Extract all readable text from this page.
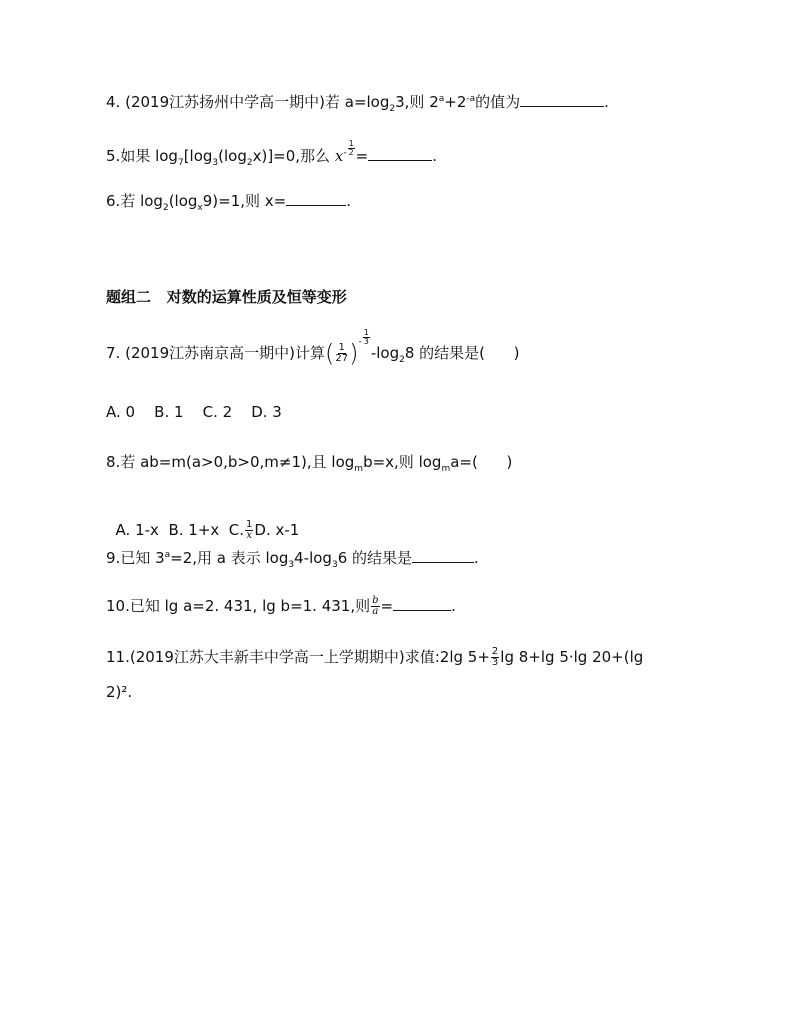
4. (2019江苏扬州中学高一期中)若 $a=\log_23$,则 $2^a+2^{-a}$的值为	.
5.如果 $\log_7[\log_3(\log_2x)]=0$,那么 $x^- \frac{1}{2}$ =	.
6.若 $\log_2(\log_x9)=1$,则 x=	.
题组二 对数的运算性质及恒等变形
7. (2019江苏南京高一期中)计算( $\frac{1}{27} )^- \frac{1}{3}$
$-\log_28$ 的结果是( )
A. 0    B. 1    C. 2    D. 3
8.若 ab=m(a>0,b>0,m≠1),且 $\log_mb=x$,则 $\log_ma=$( )

A. 1-x  B. 1+x  C. $\frac{1}{x} D$. x-1

9.已知 $3^a=2$,用 a 表示 $\log_34-\log_36$ 的结果是	.
10.已知 lg a=2. 431, lg b=1. 431,则 $\frac{b}{a}$ =	.
11.(2019江苏大丰新丰中学高一上学期期中)求值:2lg $5+ \frac{2}{3}$ lg 8+lg 5·lg 20+(lg
2)².
